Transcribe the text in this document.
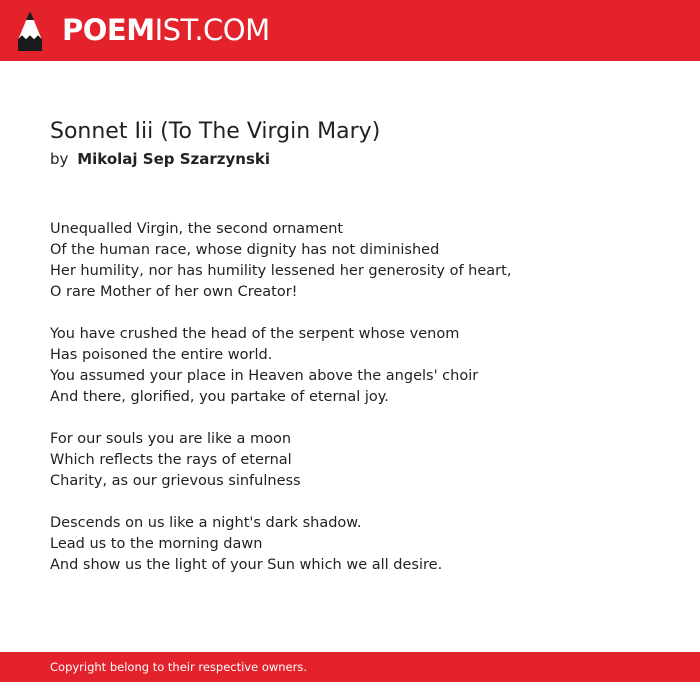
POEMIST.COM
Sonnet Iii (To The Virgin Mary)
by Mikolaj Sep Szarzynski
Unequalled Virgin, the second ornament
Of the human race, whose dignity has not diminished
Her humility, nor has humility lessened her generosity of heart,
O rare Mother of her own Creator!
You have crushed the head of the serpent whose venom
Has poisoned the entire world.
You assumed your place in Heaven above the angels' choir
And there, glorified, you partake of eternal joy.
For our souls you are like a moon
Which reflects the rays of eternal
Charity, as our grievous sinfulness
Descends on us like a night's dark shadow.
Lead us to the morning dawn
And show us the light of your Sun which we all desire.
Copyright belong to their respective owners.
